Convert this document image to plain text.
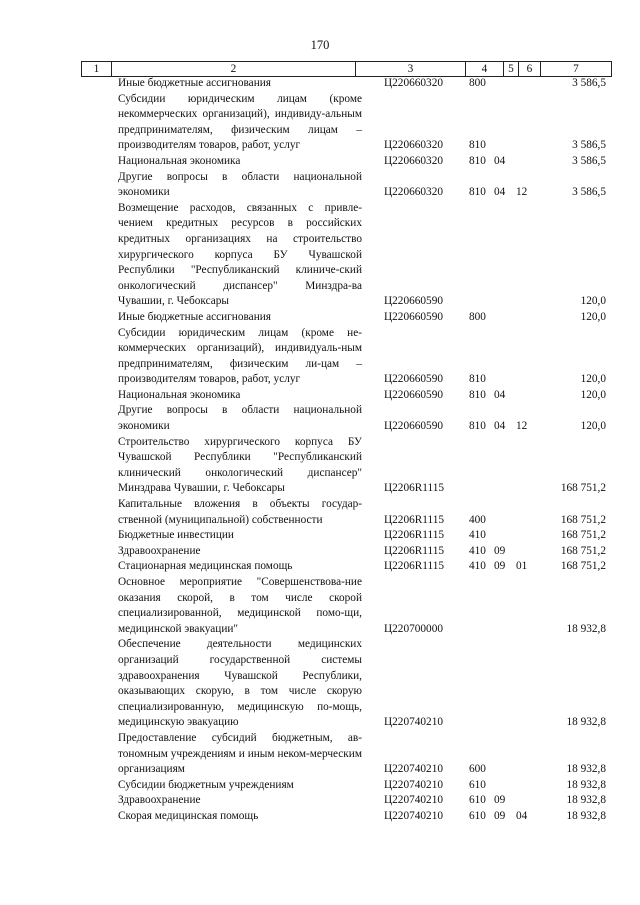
170
1	2	3	4	5	6	7
Иные бюджетные ассигнования	Ц220660320 800	3 586,5
Субсидии юридическим лицам (кроме некоммерческих организаций), индивиду-альным предпринимателям, физическим лицам – производителям товаров, работ, услуг	Ц220660320 810	3 586,5
Национальная экономика	Ц220660320 810 04	3 586,5
Другие вопросы в области национальной экономики	Ц220660320 810 04 12	3 586,5
Возмещение расходов, связанных с привле-чением кредитных ресурсов в российских кредитных организациях на строительство хирургического корпуса БУ Чувашской Республики "Республиканский клиниче-ский онкологический диспансер" Минздра-ва Чувашии, г. Чебоксары	Ц220660590	120,0
Иные бюджетные ассигнования	Ц220660590 800	120,0
Субсидии юридическим лицам (кроме не-коммерческих организаций), индивидуаль-ным предпринимателям, физическим ли-цам – производителям товаров, работ, услуг	Ц220660590 810	120,0
Национальная экономика	Ц220660590 810 04	120,0
Другие вопросы в области национальной экономики	Ц220660590 810 04 12	120,0
Строительство хирургического корпуса БУ Чувашской Республики "Республиканский клинический онкологический диспансер" Минздрава Чувашии, г. Чебоксары	Ц2206R1115	168 751,2
Капитальные вложения в объекты государ-ственной (муниципальной) собственности	Ц2206R1115 400	168 751,2
Бюджетные инвестиции	Ц2206R1115 410	168 751,2
Здравоохранение	Ц2206R1115 410 09	168 751,2
Стационарная медицинская помощь	Ц2206R1115 410 09 01	168 751,2
Основное мероприятие "Совершенствова-ние оказания скорой, в том числе скорой специализированной, медицинской помо-щи, медицинской эвакуации"	Ц220700000	18 932,8
Обеспечение деятельности медицинских организаций государственной системы здравоохранения Чувашской Республики, оказывающих скорую, в том числе скорую специализированную, медицинскую по-мощь, медицинскую эвакуацию	Ц220740210	18 932,8
Предоставление субсидий бюджетным, ав-тономным учреждениям и иным неком-мерческим организациям	Ц220740210 600	18 932,8
Субсидии бюджетным учреждениям	Ц220740210 610	18 932,8
Здравоохранение	Ц220740210 610 09	18 932,8
Скорая медицинская помощь	Ц220740210 610 09 04	18 932,8
